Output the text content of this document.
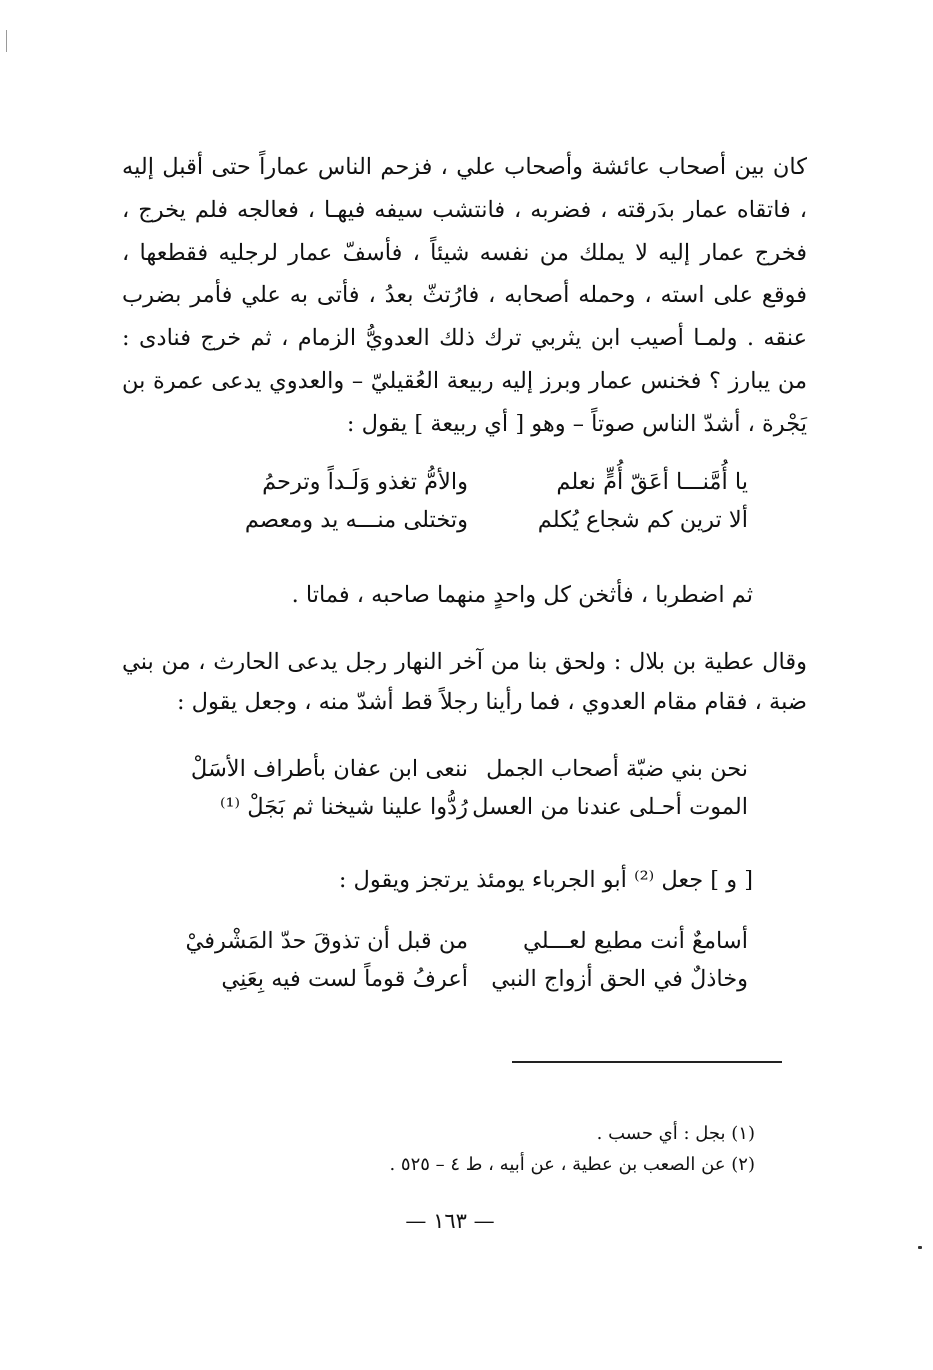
كان بين أصحاب عائشة وأصحاب علي ، فزحم الناس عماراً حتى أقبل إليه ، فاتقاه عمار بدَرقته ، فضربه ، فانتشب سيفه فيهـا ، فعالجه فلم يخرج ، فخرج عمار إليه لا يملك من نفسه شيئاً ، فأسفّ عمار لرجليه فقطعها ، فوقع على استه ، وحمله أصحابه ، فارُتثّ بعدُ ، فأتى به علي فأمر بضرب عنقه . ولمـا أصيب ابن يثربي ترك ذلك العدويُّ الزمام ، ثم خرج فنادى : من يبارز ؟ فخنس عمار وبرز إليه ربيعة العُقيليّ – والعدوي يدعى عمرة بن يَجْرة ، أشدّ الناس صوتاً – وهو [ أي ربيعة ] يقول :

يا أُمَّنـــا أعَقّ أُمٍّ نعلم
والأمُّ تغذو وَلَـداً وترحمُ
ألا ترين كم شجاع يُكلم
وتختلى منـــه يد ومعصم

ثم اضطربا ، فأثخن كل واحدٍ منهما صاحبه ، فماتا .

وقال عطية بن بلال : ولحق بنا من آخر النهار رجل يدعى الحارث ، من بني ضبة ، فقام مقام العدوي ، فما رأينا رجلاً قط أشدّ منه ، وجعل يقول :

نحن بني ضبّة أصحاب الجمل
ننعى ابن عفان بأطراف الأسَلْ
الموت أحـلى عندنا من العسل
رُدُّوا علينا شيخنا ثم بَجَلْ ⁽¹⁾

[ و ] جعل ⁽²⁾ أبو الجرباء يومئذ يرتجز ويقول :

أسامعٌ أنت مطيع لعـــلي
من قبل أن تذوقَ حدّ المَشْرفيْ
وخاذلٌ في الحق أزواج النبي
أعرفُ قوماً لست فيه بِعَنِي
(١) بجل : أي حسب .
(٢) عن الصعب بن عطية ، عن أبيه ، ط ٤ – ٥٢٥ .
— ١٦٣ —
